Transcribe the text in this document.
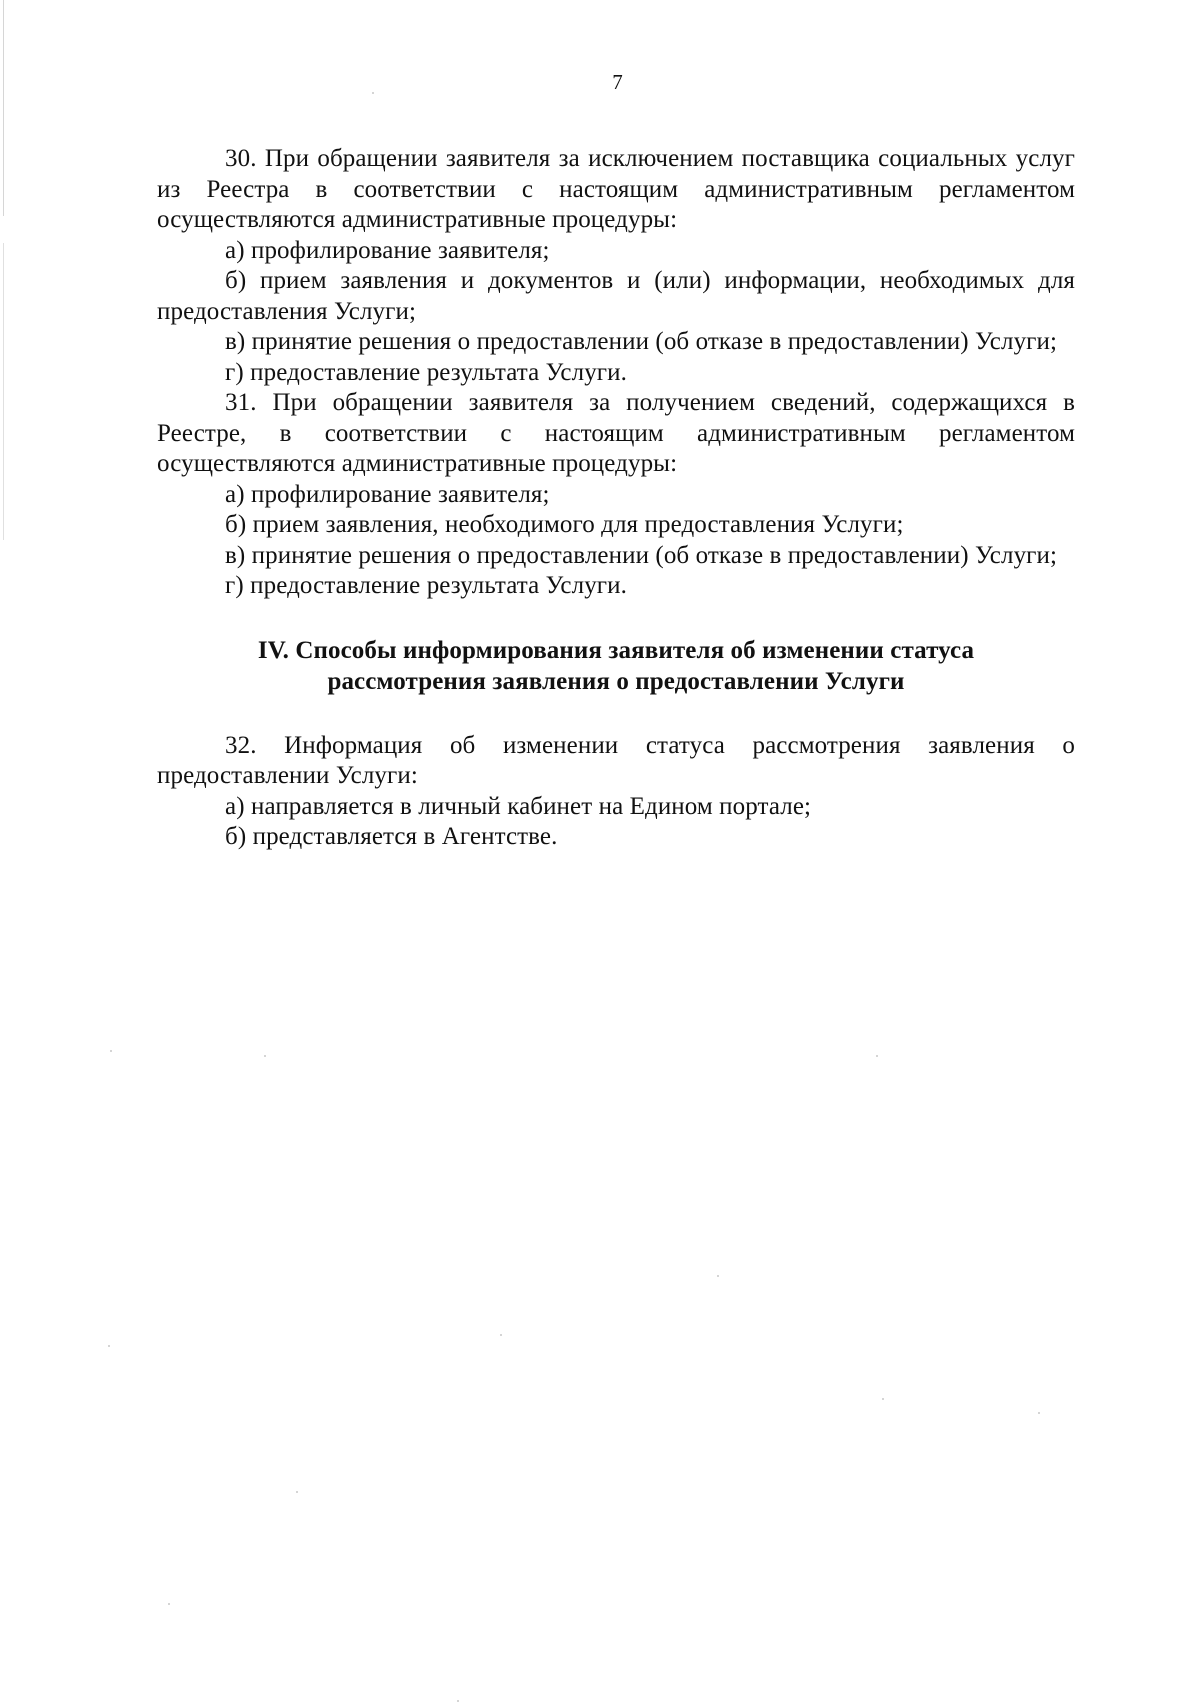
7

30. При обращении заявителя за исключением поставщика социальных услуг из Реестра в соответствии с настоящим административным регламентом осуществляются административные процедуры:

а) профилирование заявителя;

б) прием заявления и документов и (или) информации, необходимых для предоставления Услуги;

в) принятие решения о предоставлении (об отказе в предоставлении) Услуги;

г) предоставление результата Услуги.

31. При обращении заявителя за получением сведений, содержащихся в Реестре, в соответствии с настоящим административным регламентом осуществляются административные процедуры:

а) профилирование заявителя;

б) прием заявления, необходимого для предоставления Услуги;

в) принятие решения о предоставлении (об отказе в предоставлении) Услуги;

г) предоставление результата Услуги.

IV. Способы информирования заявителя об изменении статуса
рассмотрения заявления о предоставлении Услуги

32. Информация об изменении статуса рассмотрения заявления о предоставлении Услуги:

а) направляется в личный кабинет на Едином портале;

б) представляется в Агентстве.
